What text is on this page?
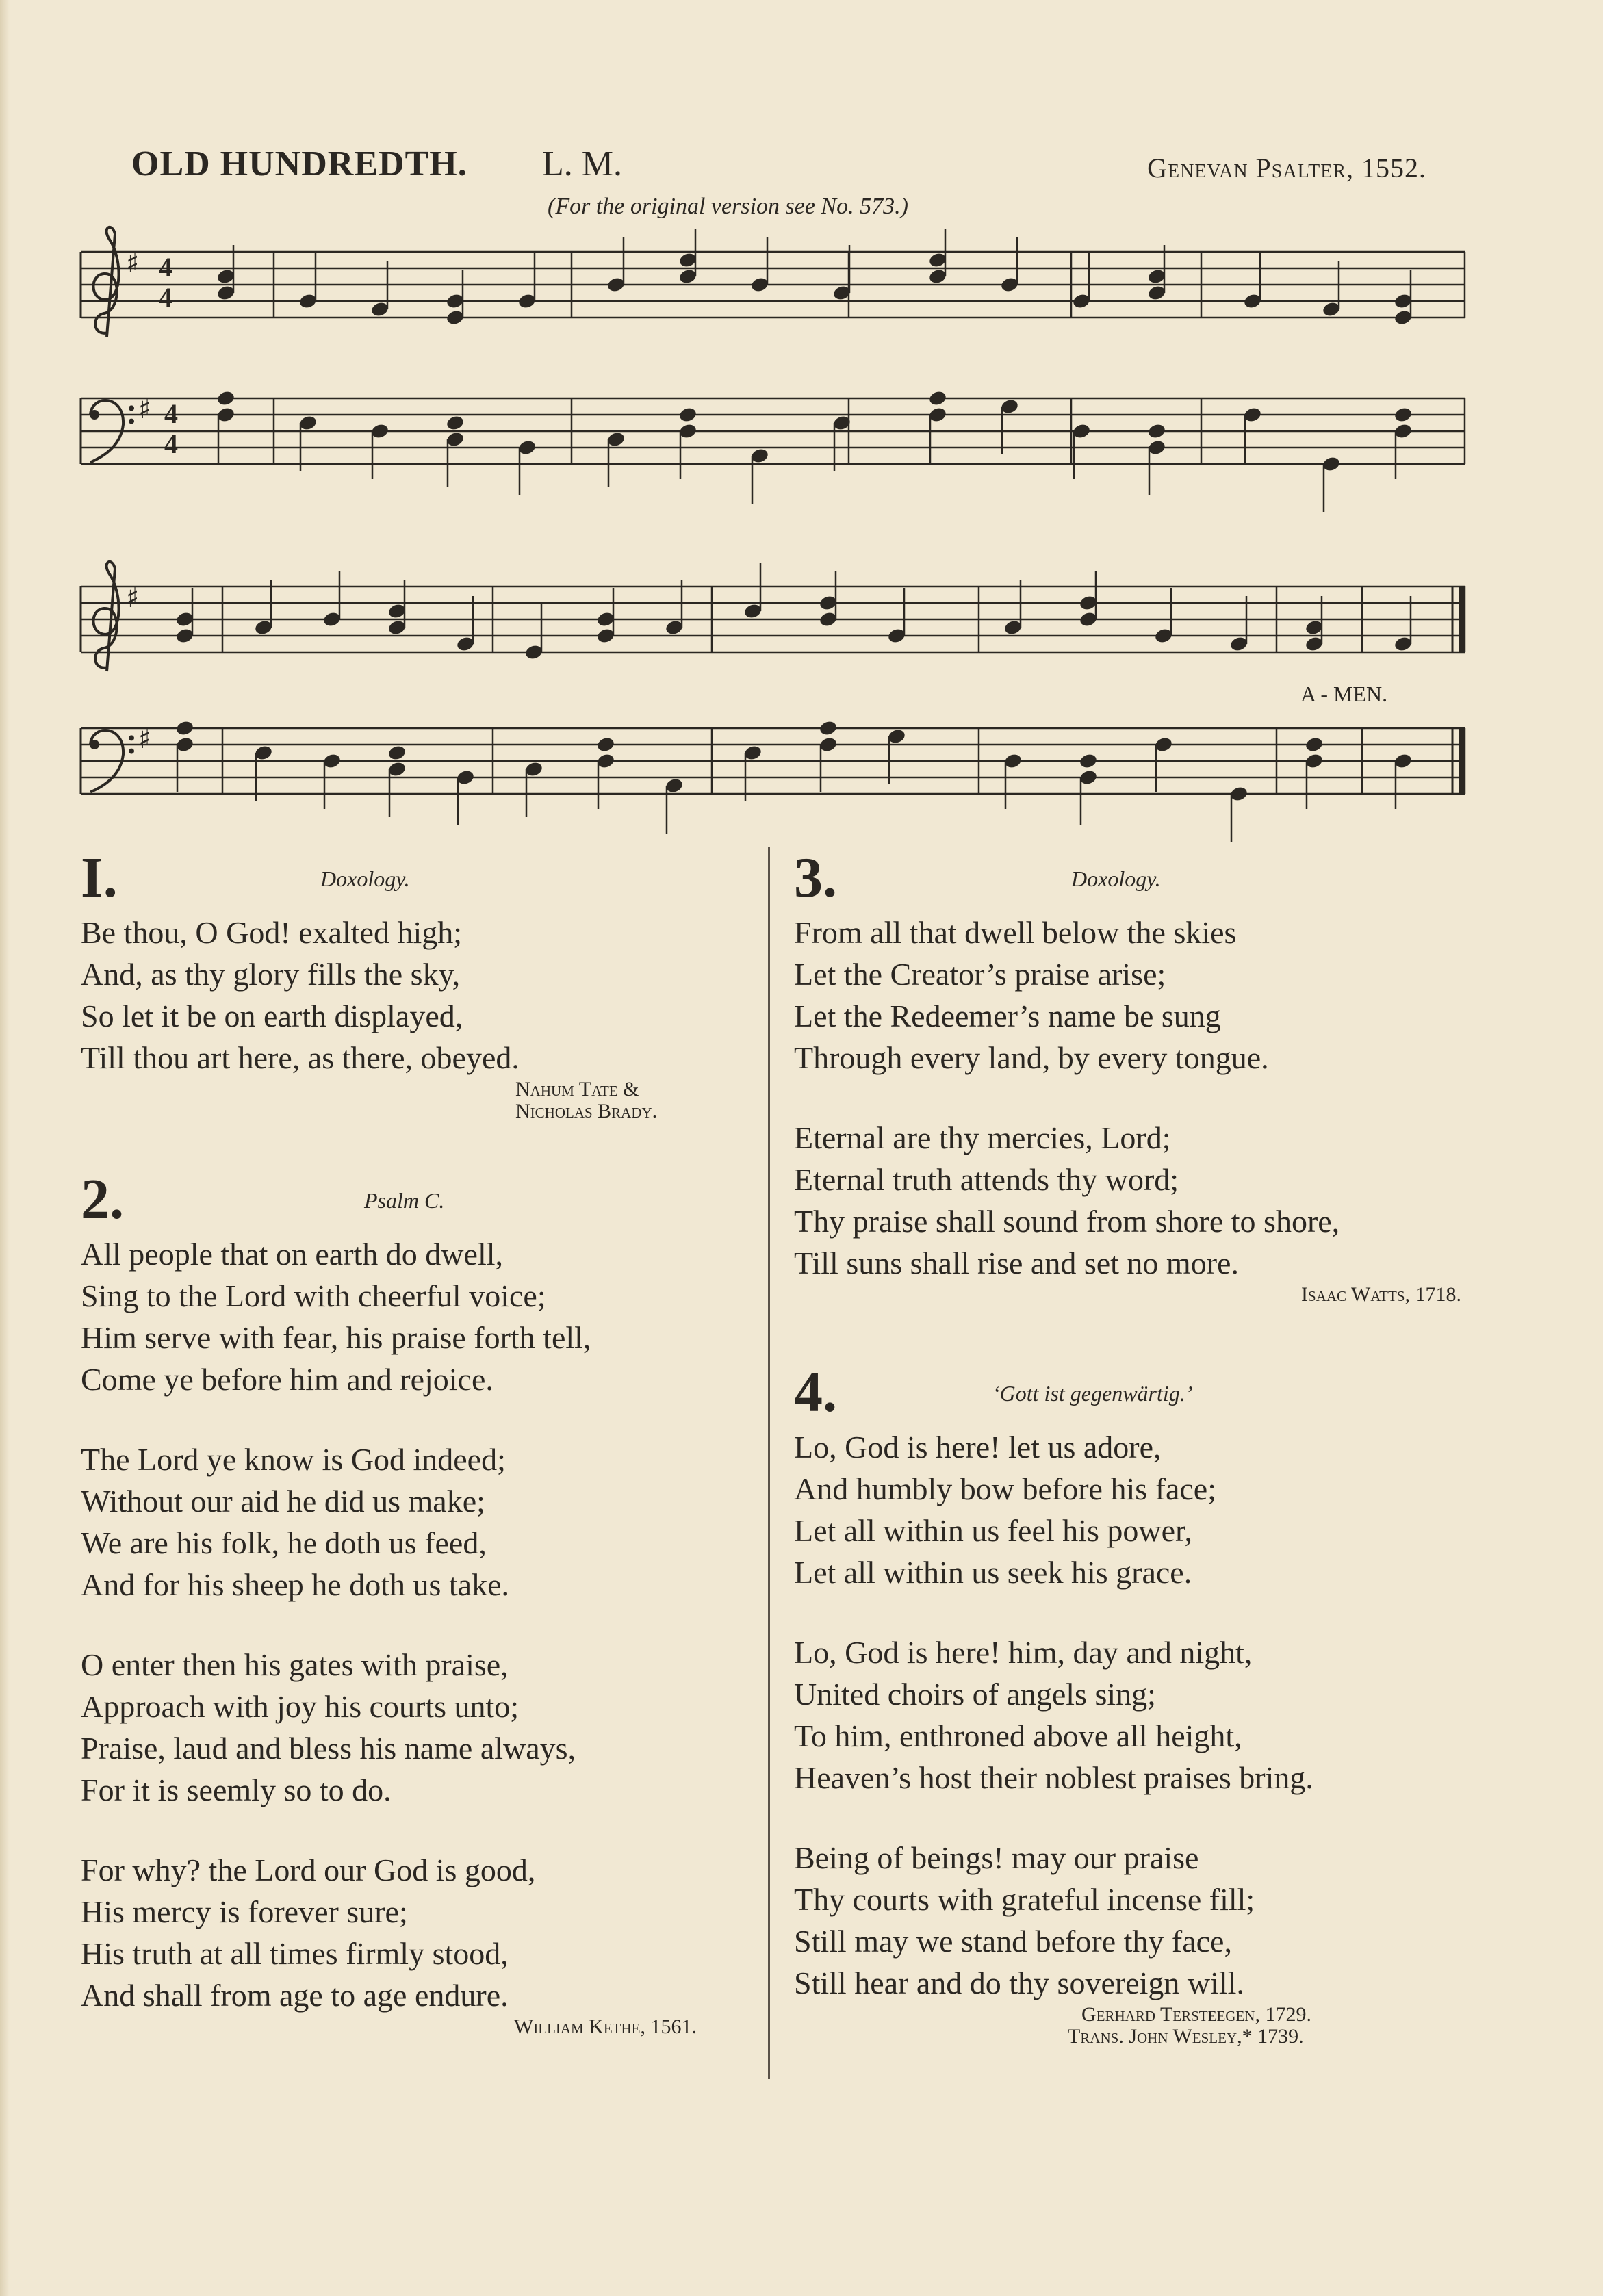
OLD HUNDREDTH. L. M.	Genevan Psalter, 1552.
(For the original version see No. 573.)
♯ 4
4
♯ 4
4
♯
♯
A - MEN.
I.	Doxology.
Be thou, O God! exalted high;
And, as thy glory fills the sky,
So let it be on earth displayed,
Till thou art here, as there, obeyed.
Nahum Tate &
Nicholas Brady.
2.	Psalm C.
All people that on earth do dwell,
Sing to the Lord with cheerful voice;
Him serve with fear, his praise forth tell,
Come ye before him and rejoice.
The Lord ye know is God indeed;
Without our aid he did us make;
We are his folk, he doth us feed,
And for his sheep he doth us take.
O enter then his gates with praise,
Approach with joy his courts unto;
Praise, laud and bless his name always,
For it is seemly so to do.
For why? the Lord our God is good,
His mercy is forever sure;
His truth at all times firmly stood,
And shall from age to age endure.
William Kethe, 1561.
3.	Doxology.
From all that dwell below the skies
Let the Creator’s praise arise;
Let the Redeemer’s name be sung
Through every land, by every tongue.
Eternal are thy mercies, Lord;
Eternal truth attends thy word;
Thy praise shall sound from shore to shore,
Till suns shall rise and set no more.
Isaac Watts, 1718.
4.	‘Gott ist gegenwärtig.’
Lo, God is here! let us adore,
And humbly bow before his face;
Let all within us feel his power,
Let all within us seek his grace.
Lo, God is here! him, day and night,
United choirs of angels sing;
To him, enthroned above all height,
Heaven’s host their noblest praises bring.
Being of beings! may our praise
Thy courts with grateful incense fill;
Still may we stand before thy face,
Still hear and do thy sovereign will.
Gerhard Tersteegen, 1729.
Trans. John Wesley,* 1739.
